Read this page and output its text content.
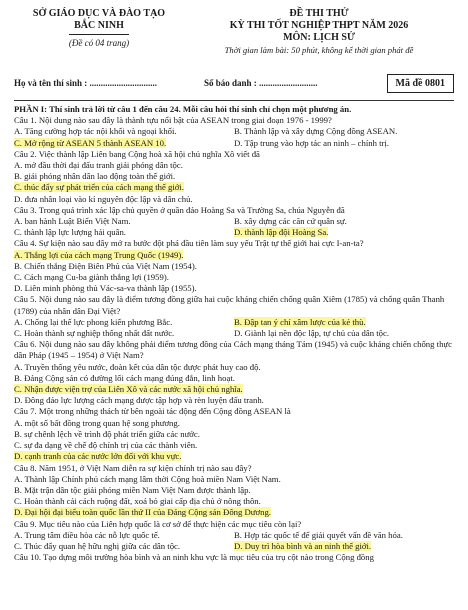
SỞ GIÁO DỤC VÀ ĐÀO TẠO
BẮC NINH
(Đề có 04 trang)
ĐỀ THI THỬ
KỲ THI TỐT NGHIỆP THPT NĂM 2026
MÔN: LỊCH SỬ
Thời gian làm bài: 50 phút, không kể thời gian phát đề
Họ và tên thí sinh : ..............................	Số báo danh : ..........................	Mã đề 0801
PHẦN I: Thí sinh trả lời từ câu 1 đến câu 24. Mỗi câu hỏi thí sinh chỉ chọn một phương án.
Câu 1. Nội dung nào sau đây là thành tựu nổi bật của ASEAN trong giai đoạn 1976 - 1999?
A. Tăng cường hợp tác nội khối và ngoại khối.	B. Thành lập và xây dựng Cộng đồng ASEAN.
C. Mở rộng từ ASEAN 5 thành ASEAN 10.	D. Tập trung vào hợp tác an ninh – chính trị.
Câu 2. Việc thành lập Liên bang Cộng hoà xã hội chủ nghĩa Xô viết đã
A. mở đầu thời đại đấu tranh giải phóng dân tộc.
B. giải phóng nhân dân lao động toàn thế giới.
C. thúc đẩy sự phát triển của cách mạng thế giới.
D. đưa nhân loại vào kỉ nguyên độc lập và dân chủ.
Câu 3. Trong quá trình xác lập chủ quyền ở quần đảo Hoàng Sa và Trường Sa, chúa Nguyễn đã
A. ban hành Luật Biển Việt Nam.	B. xây dựng các căn cứ quân sự.
C. thành lập lực lượng hải quân.	D. thành lập đội Hoàng Sa.
Câu 4. Sự kiện nào sau đây mở ra bước đột phá đầu tiên làm suy yếu Trật tự thế giới hai cực I-an-ta?
A. Thắng lợi của cách mạng Trung Quốc (1949).
B. Chiến thắng Điện Biên Phủ của Việt Nam (1954).
C. Cách mạng Cu-ba giành thắng lợi (1959).
D. Liên minh phòng thủ Vác-sa-va thành lập (1955).
Câu 5. Nội dung nào sau đây là điểm tương đồng giữa hai cuộc kháng chiến chống quân Xiêm (1785) và chống quân Thanh (1789) của nhân dân Đại Việt?
A. Chống lại thế lực phong kiến phương Bắc.	B. Đập tan ý chí xâm lược của kẻ thù.
C. Hoàn thành sự nghiệp thống nhất đất nước.	D. Giành lại nền độc lập, tự chủ của dân tộc.
Câu 6. Nội dung nào sau đây không phải điểm tương đồng của Cách mạng tháng Tám (1945) và cuộc kháng chiến chống thực dân Pháp (1945 – 1954) ở Việt Nam?
A. Truyền thống yêu nước, đoàn kết của dân tộc được phát huy cao độ.
B. Đảng Cộng sản có đường lối cách mạng đúng đắn, linh hoạt.
C. Nhận được viện trợ của Liên Xô và các nước xã hội chủ nghĩa.
D. Đông đảo lực lượng cách mạng được tập hợp và rèn luyện đấu tranh.
Câu 7. Một trong những thách từ bên ngoài tác động đến Cộng đồng ASEAN là
A. một số bất đồng trong quan hệ song phương.
B. sự chênh lệch về trình độ phát triển giữa các nước.
C. sự đa dạng về chế độ chính trị của các thành viên.
D. cạnh tranh của các nước lớn đối với khu vực.
Câu 8. Năm 1951, ở Việt Nam diễn ra sự kiện chính trị nào sau đây?
A. Thành lập Chính phủ cách mạng lâm thời Cộng hoà miền Nam Việt Nam.
B. Mặt trận dân tộc giải phóng miền Nam Việt Nam được thành lập.
C. Hoàn thành cải cách ruộng đất, xoá bỏ giai cấp địa chủ ở nông thôn.
D. Đại hội đại biểu toàn quốc lần thứ II của Đảng Cộng sản Đông Dương.
Câu 9. Mục tiêu nào của Liên hợp quốc là cơ sở để thực hiện các mục tiêu còn lại?
A. Trung tâm điều hòa các nỗ lực quốc tế.	B. Hợp tác quốc tế để giải quyết vấn đề văn hóa.
C. Thúc đẩy quan hệ hữu nghị giữa các dân tộc.	D. Duy trì hòa bình và an ninh thế giới.
Câu 10. Tạo dựng môi trường hòa bình và an ninh khu vực là mục tiêu của trụ cột nào trong Cộng đồng
